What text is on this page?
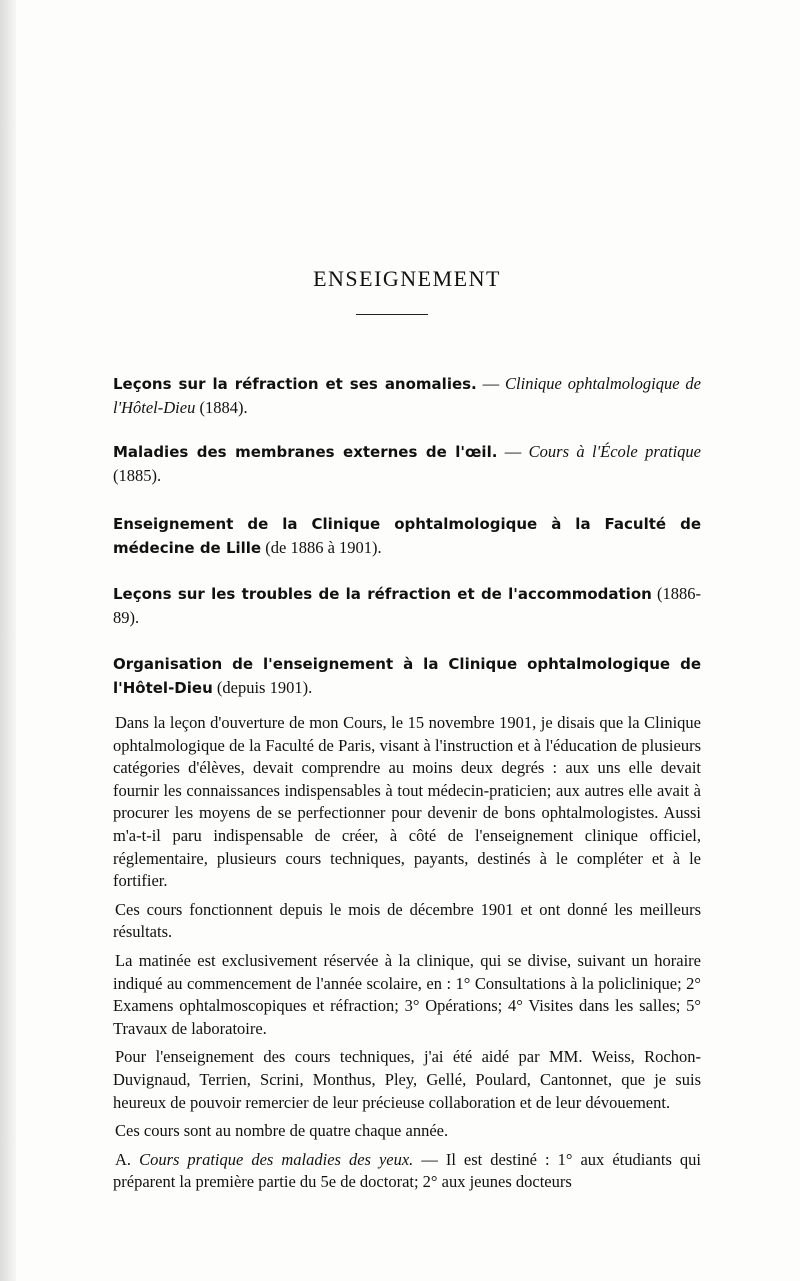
ENSEIGNEMENT
Leçons sur la réfraction et ses anomalies. — Clinique ophtalmologique de l'Hôtel-Dieu (1884).
Maladies des membranes externes de l'œil. — Cours à l'École pratique (1885).
Enseignement de la Clinique ophtalmologique à la Faculté de médecine de Lille (de 1886 à 1901).
Leçons sur les troubles de la réfraction et de l'accommodation (1886-89).
Organisation de l'enseignement à la Clinique ophtalmologique de l'Hôtel-Dieu (depuis 1901).

Dans la leçon d'ouverture de mon Cours, le 15 novembre 1901, je disais que la Clinique ophtalmologique de la Faculté de Paris, visant à l'instruction et à l'éducation de plusieurs catégories d'élèves, devait comprendre au moins deux degrés : aux uns elle devait fournir les connaissances indispensables à tout médecin-praticien; aux autres elle avait à procurer les moyens de se perfectionner pour devenir de bons ophtalmologistes. Aussi m'a-t-il paru indispensable de créer, à côté de l'enseignement clinique officiel, réglementaire, plusieurs cours techniques, payants, destinés à le compléter et à le fortifier.

Ces cours fonctionnent depuis le mois de décembre 1901 et ont donné les meilleurs résultats.

La matinée est exclusivement réservée à la clinique, qui se divise, suivant un horaire indiqué au commencement de l'année scolaire, en : 1° Consultations à la policlinique; 2° Examens ophtalmoscopiques et réfraction; 3° Opérations; 4° Visites dans les salles; 5° Travaux de laboratoire.

Pour l'enseignement des cours techniques, j'ai été aidé par MM. Weiss, Rochon-Duvignaud, Terrien, Scrini, Monthus, Pley, Gellé, Poulard, Cantonnet, que je suis heureux de pouvoir remercier de leur précieuse collaboration et de leur dévouement.

Ces cours sont au nombre de quatre chaque année.

A. Cours pratique des maladies des yeux. — Il est destiné : 1° aux étudiants qui préparent la première partie du 5e de doctorat; 2° aux jeunes docteurs
